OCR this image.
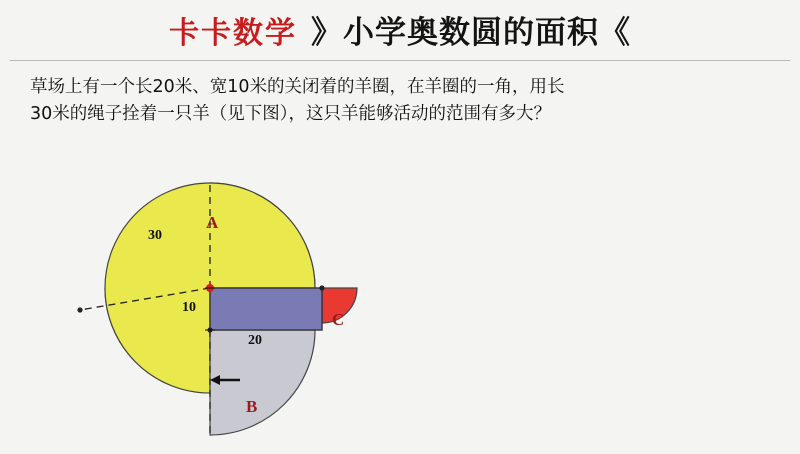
卡卡数学 》小学奥数圆的面积《
草场上有一个长20米、宽10米的关闭着的羊圈，在羊圈的一角，用长
30米的绳子拴着一只羊（见下图），这只羊能够活动的范围有多大？
A
B
C
30
10
20
